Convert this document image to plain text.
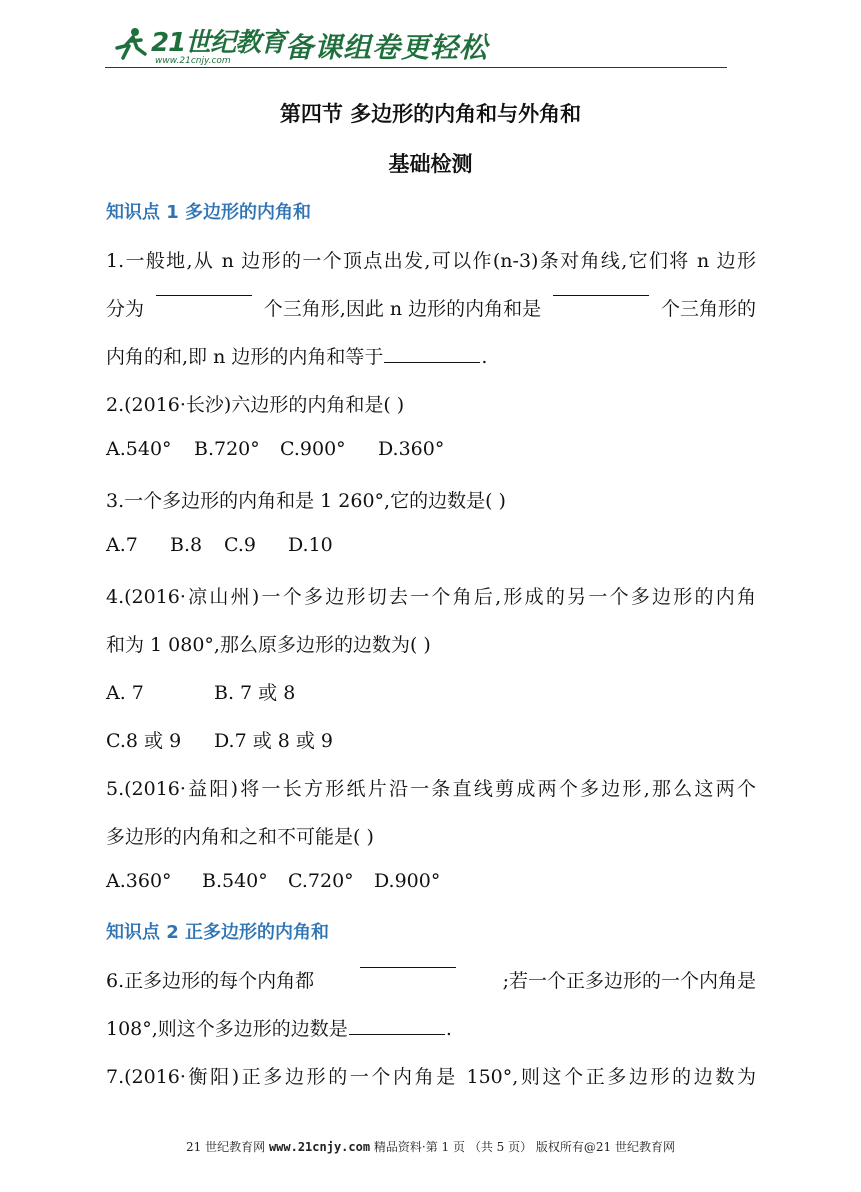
21世纪教育
www.21cnjy.com 备课组卷更轻松
第四节 多边形的内角和与外角和
基础检测
知识点 1 多边形的内角和
1.一般地,从 n 边形的一个顶点出发,可以作(n-3)条对角线,它们将 n 边形
分为	个三角形,因此 n 边形的内角和是	个三角形的
内角的和,即 n 边形的内角和等于	.
2.(2016·长沙)六边形的内角和是( )
A.540° B.720° C.900° D.360°
3.一个多边形的内角和是 1 260°,它的边数是( )
A.7 B.8 C.9 D.10
4.(2016·凉山州)一个多边形切去一个角后,形成的另一个多边形的内角
和为 1 080°,那么原多边形的边数为( )
A. 7	B. 7 或 8
C.8 或 9 D.7 或 8 或 9
5.(2016·益阳)将一长方形纸片沿一条直线剪成两个多边形,那么这两个
多边形的内角和之和不可能是( )
A.360° B.540° C.720° D.900°
知识点 2 正多边形的内角和
6.正多边形的每个内角都	;若一个正多边形的一个内角是
108°,则这个多边形的边数是	.
7.(2016·衡阳)正多边形的一个内角是 150°,则这个正多边形的边数为
21 世纪教育网 www.21cnjy.com 精品资料·第 1 页 （共 5 页） 版权所有@21 世纪教育网
